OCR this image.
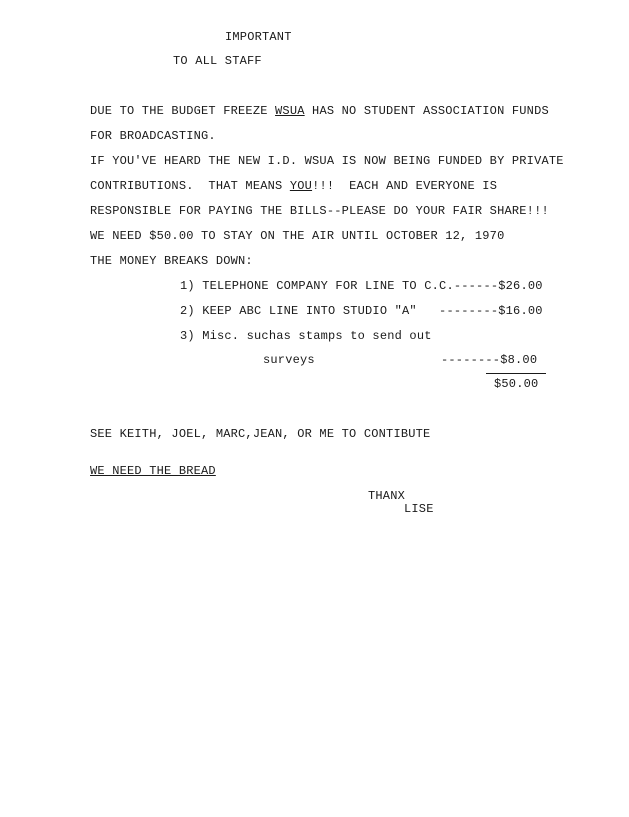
IMPORTANT
TO ALL STAFF
DUE TO THE BUDGET FREEZE WSUA HAS NO STUDENT ASSOCIATION FUNDS
FOR BROADCASTING.
IF YOU'VE HEARD THE NEW I.D. WSUA IS NOW BEING FUNDED BY PRIVATE
CONTRIBUTIONS.  THAT MEANS YOU!!!  EACH AND EVERYONE IS
RESPONSIBLE FOR PAYING THE BILLS--PLEASE DO YOUR FAIR SHARE!!!
WE NEED $50.00 TO STAY ON THE AIR UNTIL OCTOBER 12, 1970
THE MONEY BREAKS DOWN:
1) TELEPHONE COMPANY FOR LINE TO C.C.------$26.00
2) KEEP ABC LINE INTO STUDIO "A"   --------$16.00
3) Misc. suchas stamps to send out
surveys	--------$8.00
$50.00
SEE KEITH, JOEL, MARC,JEAN, OR ME TO CONTIBUTE
WE NEED THE BREAD
THANX
LISE
